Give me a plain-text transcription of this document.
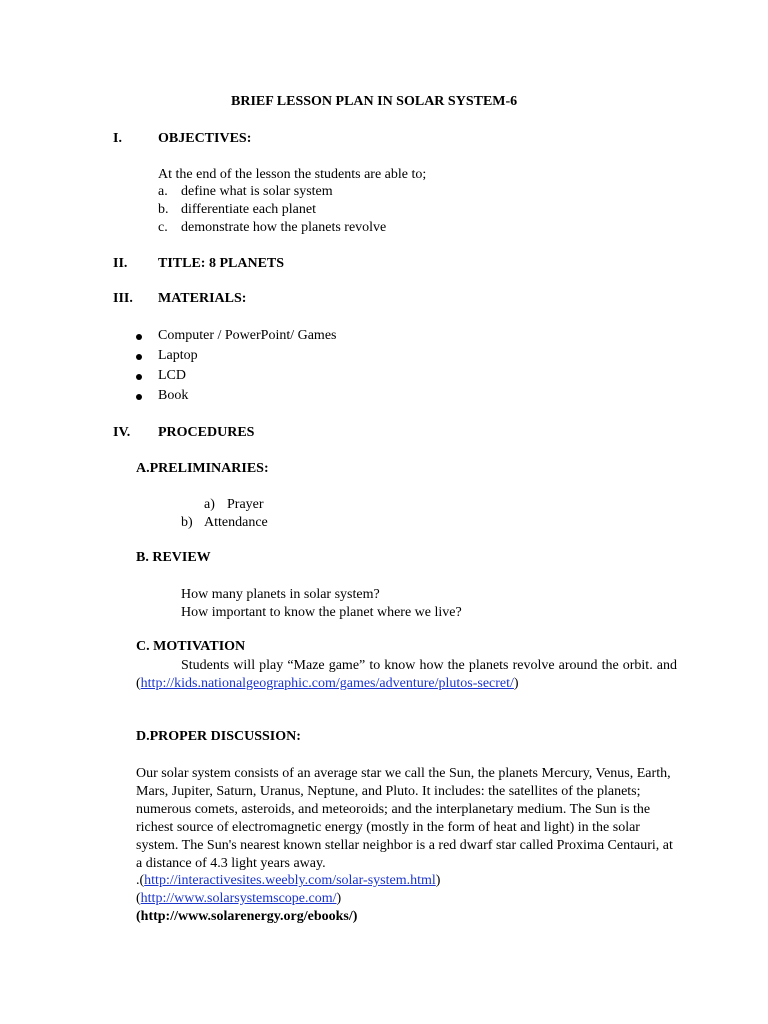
BRIEF LESSON PLAN IN SOLAR SYSTEM-6
I.	OBJECTIVES:
At the end of the lesson the students are able to;
a. define what is solar system
b. differentiate each planet
c. demonstrate how the planets revolve
II. TITLE: 8 PLANETS
III. MATERIALS:
Computer / PowerPoint/ Games
Laptop
LCD
Book
IV. PROCEDURES
A.PRELIMINARIES:
a) Prayer
b) Attendance
B. REVIEW
How many planets in solar system?
How important to know the planet where we live?
C. MOTIVATION
Students will play “Maze game” to know how the planets revolve around the orbit. and (http://kids.nationalgeographic.com/games/adventure/plutos-secret/)
D.PROPER DISCUSSION:
Our solar system consists of an average star we call the Sun, the planets Mercury, Venus, Earth, Mars, Jupiter, Saturn, Uranus, Neptune, and Pluto. It includes: the satellites of the planets; numerous comets, asteroids, and meteoroids; and the interplanetary medium. The Sun is the richest source of electromagnetic energy (mostly in the form of heat and light) in the solar system. The Sun's nearest known stellar neighbor is a red dwarf star called Proxima Centauri, at a distance of 4.3 light years away.
.(http://interactivesites.weebly.com/solar-system.html)
(http://www.solarsystemscope.com/)
(http://www.solarenergy.org/ebooks/)
